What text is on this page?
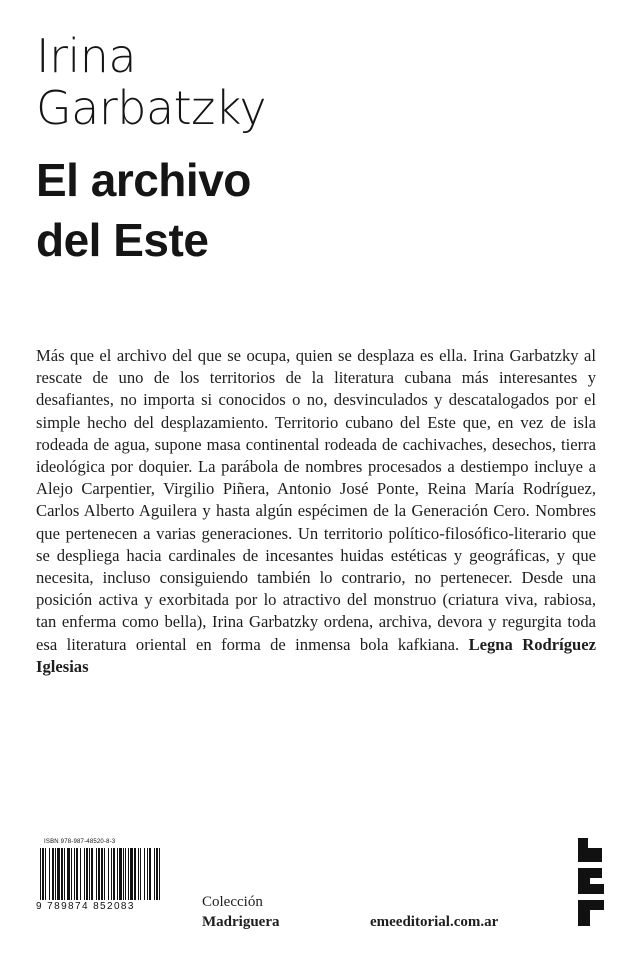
Irina
Garbatzky
El archivo
del Este
Más que el archivo del que se ocupa, quien se desplaza es ella. Irina Garbatzky al rescate de uno de los territorios de la literatura cubana más interesantes y desafiantes, no importa si conocidos o no, desvinculados y descatalogados por el simple hecho del desplazamiento. Territorio cubano del Este que, en vez de isla rodeada de agua, supone masa continental rodeada de cachivaches, desechos, tierra ideológica por doquier. La parábola de nombres procesados a destiempo incluye a Alejo Carpentier, Virgilio Piñera, Antonio José Ponte, Reina María Rodríguez, Carlos Alberto Aguilera y hasta algún espécimen de la Generación Cero. Nombres que pertenecen a varias generaciones. Un territorio político-filosófico-literario que se despliega hacia cardinales de incesantes huidas estéticas y geográficas, y que necesita, incluso consiguiendo también lo contrario, no pertenecer. Desde una posición activa y exorbitada por lo atractivo del monstruo (criatura viva, rabiosa, tan enferma como bella), Irina Garbatzky ordena, archiva, devora y regurgita toda esa literatura oriental en forma de inmensa bola kafkiana. Legna Rodríguez Iglesias
ISBN 978-987-48520-8-3
9 789874 852083	Colección
Madriguera	emeeditorial.com.ar
